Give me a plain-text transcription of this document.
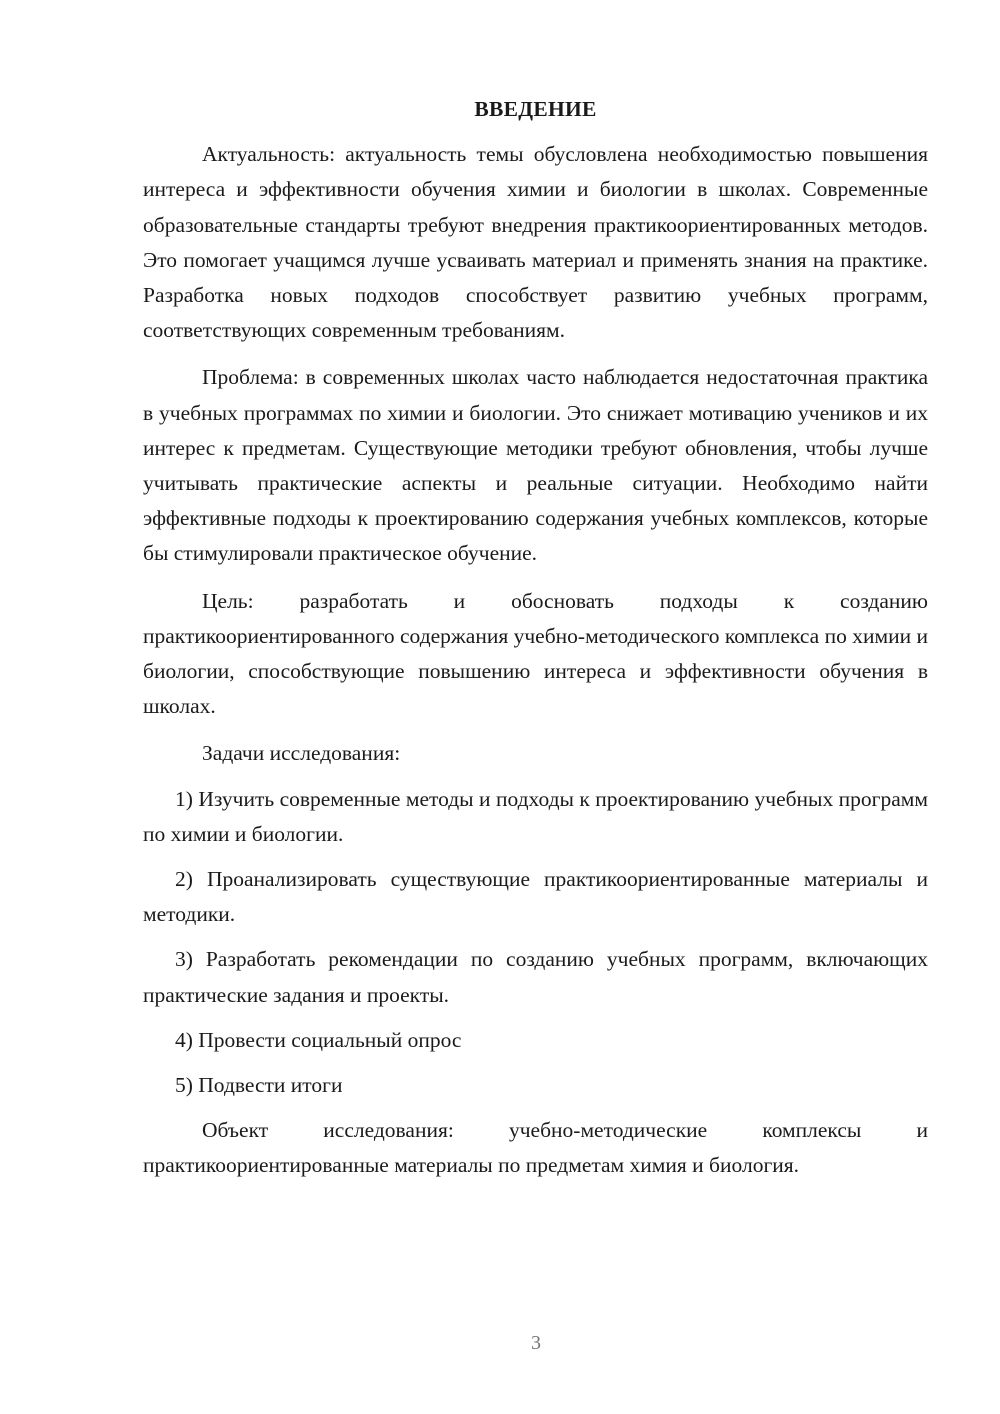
ВВЕДЕНИЕ

Актуальность: актуальность темы обусловлена необходимостью повышения интереса и эффективности обучения химии и биологии в школах. Современные образовательные стандарты требуют внедрения практикоориентированных методов. Это помогает учащимся лучше усваивать материал и применять знания на практике. Разработка новых подходов способствует развитию учебных программ, соответствующих современным требованиям.

Проблема: в современных школах часто наблюдается недостаточная практика в учебных программах по химии и биологии. Это снижает мотивацию учеников и их интерес к предметам. Существующие методики требуют обновления, чтобы лучше учитывать практические аспекты и реальные ситуации. Необходимо найти эффективные подходы к проектированию содержания учебных комплексов, которые бы стимулировали практическое обучение.

Цель: разработать и обосновать подходы к созданию практикоориентированного содержания учебно-методического комплекса по химии и биологии, способствующие повышению интереса и эффективности обучения в школах.

Задачи исследования:

1) Изучить современные методы и подходы к проектированию учебных программ по химии и биологии.

2) Проанализировать существующие практикоориентированные материалы и методики.

3) Разработать рекомендации по созданию учебных программ, включающих практические задания и проекты.

4) Провести социальный опрос

5) Подвести итоги

Объект исследования: учебно-методические комплексы и практикоориентированные материалы по предметам химия и биология.

3
